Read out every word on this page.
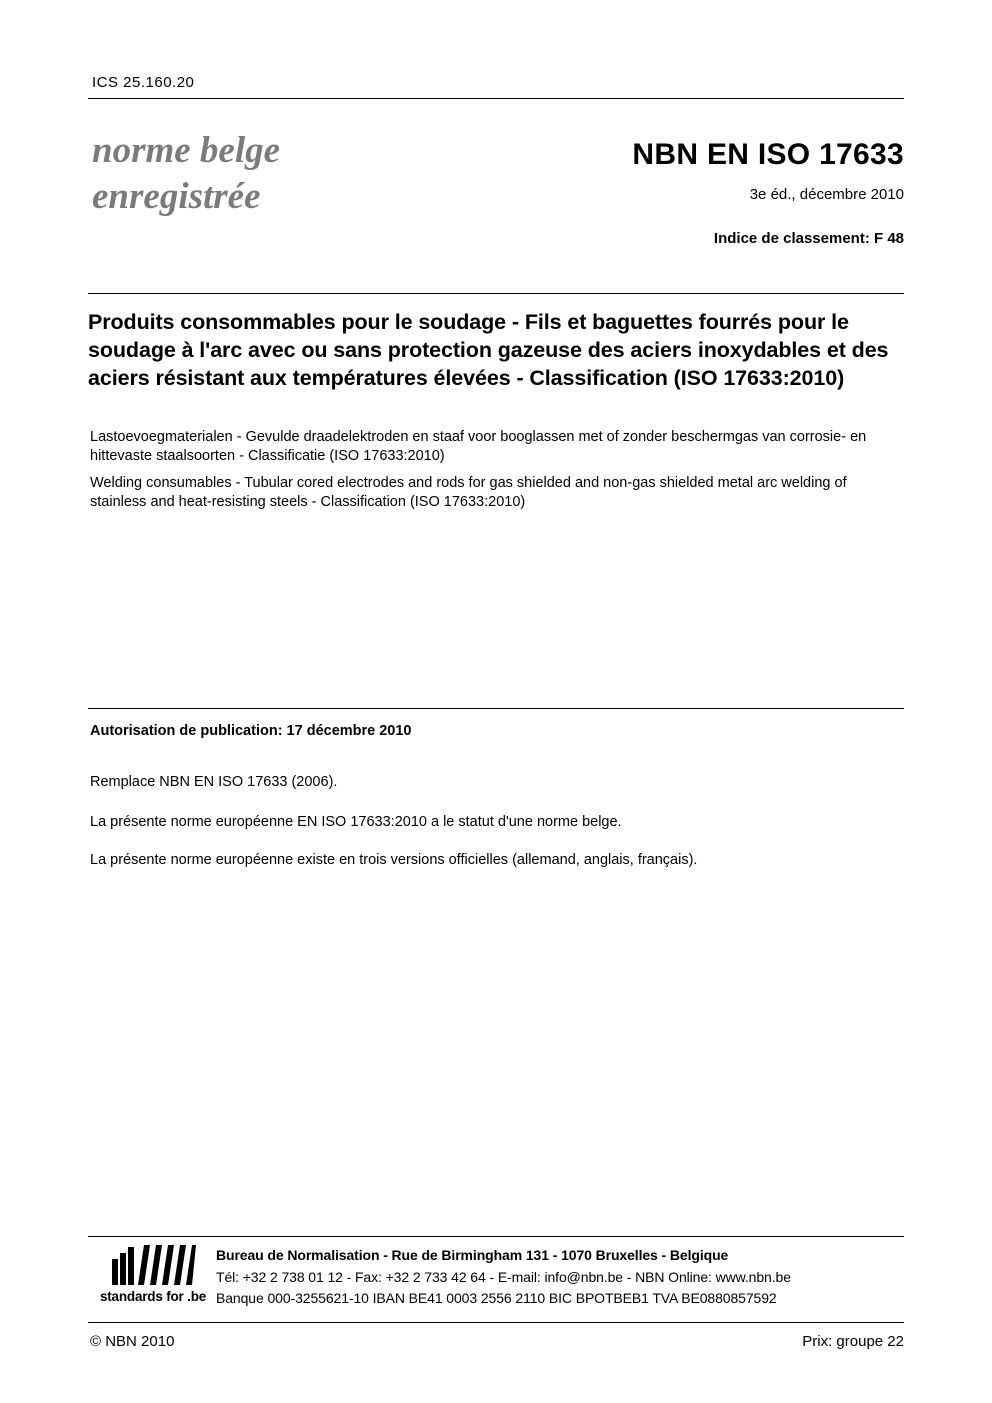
ICS 25.160.20
norme belge
enregistrée
NBN EN ISO 17633
3e éd., décembre 2010
Indice de classement: F 48
Produits consommables pour le soudage - Fils et baguettes fourrés pour le soudage à l'arc avec ou sans protection gazeuse des aciers inoxydables et des aciers résistant aux températures élevées - Classification (ISO 17633:2010)
Lastoevoegmaterialen - Gevulde draadelektroden en staaf voor booglassen met of zonder beschermgas van corrosie- en hittevaste staalsoorten - Classificatie (ISO 17633:2010)
Welding consumables - Tubular cored electrodes and rods for gas shielded and non-gas shielded metal arc welding of stainless and heat-resisting steels - Classification (ISO 17633:2010)
Autorisation de publication: 17 décembre 2010
Remplace NBN EN ISO 17633 (2006).
La présente norme européenne EN ISO 17633:2010 a le statut d'une norme belge.
La présente norme européenne existe en trois versions officielles (allemand, anglais, français).
standards for .be
Bureau de Normalisation - Rue de Birmingham 131 - 1070 Bruxelles - Belgique
Tél: +32 2 738 01 12 - Fax: +32 2 733 42 64 - E-mail: info@nbn.be - NBN Online: www.nbn.be
Banque 000-3255621-10 IBAN BE41 0003 2556 2110 BIC BPOTBEB1 TVA BE0880857592
© NBN 2010	Prix: groupe 22
